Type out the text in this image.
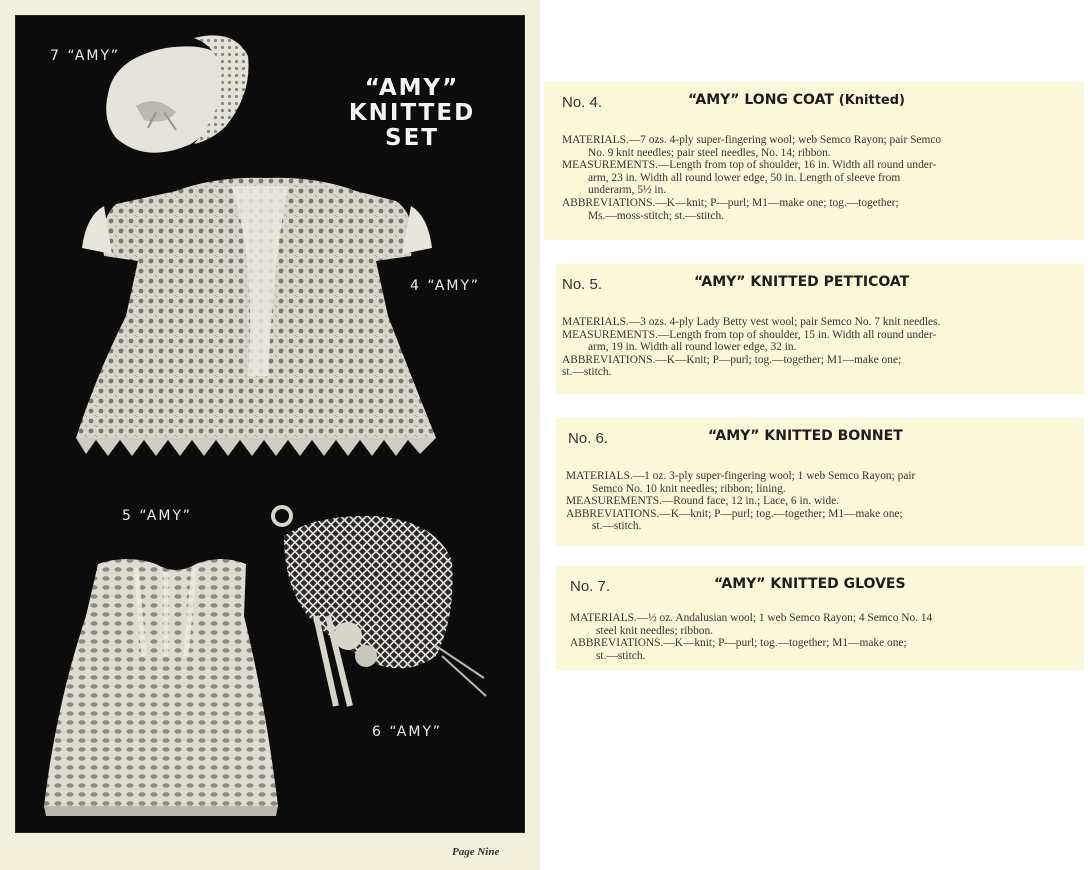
“AMY”
KNITTED
SET
7 “AMY”
4 “AMY”
5 “AMY”
6 “AMY”
Page Nine
No. 4.	“AMY” LONG COAT (Knitted)
MATERIALS.—7 ozs. 4-ply super-fingering wool; web Semco Rayon; pair Semco
No. 9 knit needles; pair steel needles, No. 14; ribbon.
MEASUREMENTS.—Length from top of shoulder, 16 in. Width all round under-
arm, 23 in. Width all round lower edge, 50 in. Length of sleeve from
underarm, 5½ in.
ABBREVIATIONS.—K—knit; P—purl; M1—make one; tog.—together;
Ms.—moss-stitch; st.—stitch.
No. 5.	“AMY” KNITTED PETTICOAT
MATERIALS.—3 ozs. 4-ply Lady Betty vest wool; pair Semco No. 7 knit needles.
MEASUREMENTS.—Length from top of shoulder, 15 in. Width all round under-
arm, 19 in. Width all round lower edge, 32 in.
ABBREVIATIONS.—K—Knit; P—purl; tog.—together; M1—make one;
st.—stitch.
No. 6.	“AMY” KNITTED BONNET
MATERIALS.—1 oz. 3-ply super-fingering wool; 1 web Semco Rayon; pair
Semco No. 10 knit needles; ribbon; lining.
MEASUREMENTS.—Round face, 12 in.; Lace, 6 in. wide.
ABBREVIATIONS.—K—knit; P—purl; tog.—together; M1—make one;
st.—stitch.
No. 7.	“AMY” KNITTED GLOVES
MATERIALS.—½ oz. Andalusian wool; 1 web Semco Rayon; 4 Semco No. 14
steel knit needles; ribbon.
ABBREVIATIONS.—K—knit; P—purl; tog.—together; M1—make one;
st.—stitch.
